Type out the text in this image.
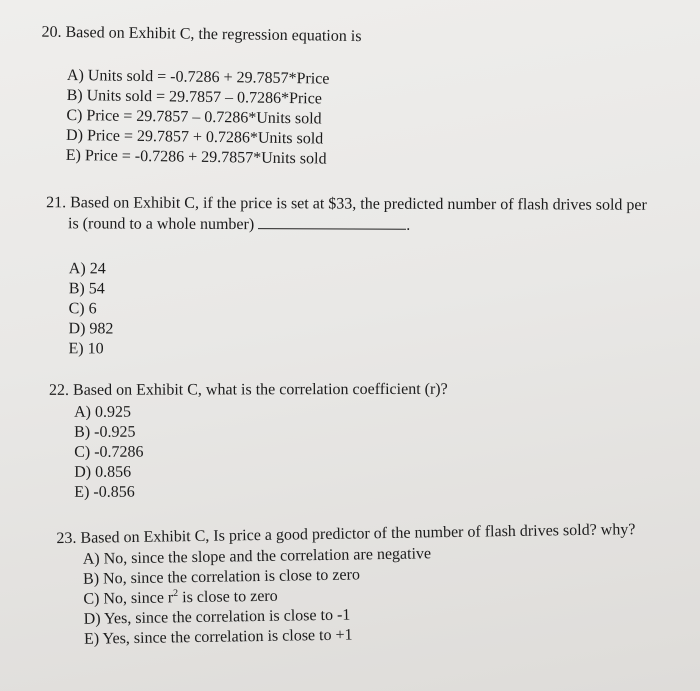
20. Based on Exhibit C, the regression equation is
A) Units sold = -0.7286 + 29.7857*Price
B) Units sold = 29.7857 – 0.7286*Price
C) Price = 29.7857 – 0.7286*Units sold
D) Price = 29.7857 + 0.7286*Units sold
E) Price = -0.7286 + 29.7857*Units sold
21. Based on Exhibit C, if the price is set at $33, the predicted number of flash drives sold per
is (round to a whole number)	.
A) 24
B) 54
C) 6
D) 982
E) 10
22. Based on Exhibit C, what is the correlation coefficient (r)?
A) 0.925
B) -0.925
C) -0.7286
D) 0.856
E) -0.856
23. Based on Exhibit C, Is price a good predictor of the number of flash drives sold? why?
A) No, since the slope and the correlation are negative
B) No, since the correlation is close to zero
C) No, since $r^2$ is close to zero
D) Yes, since the correlation is close to -1
E) Yes, since the correlation is close to +1
